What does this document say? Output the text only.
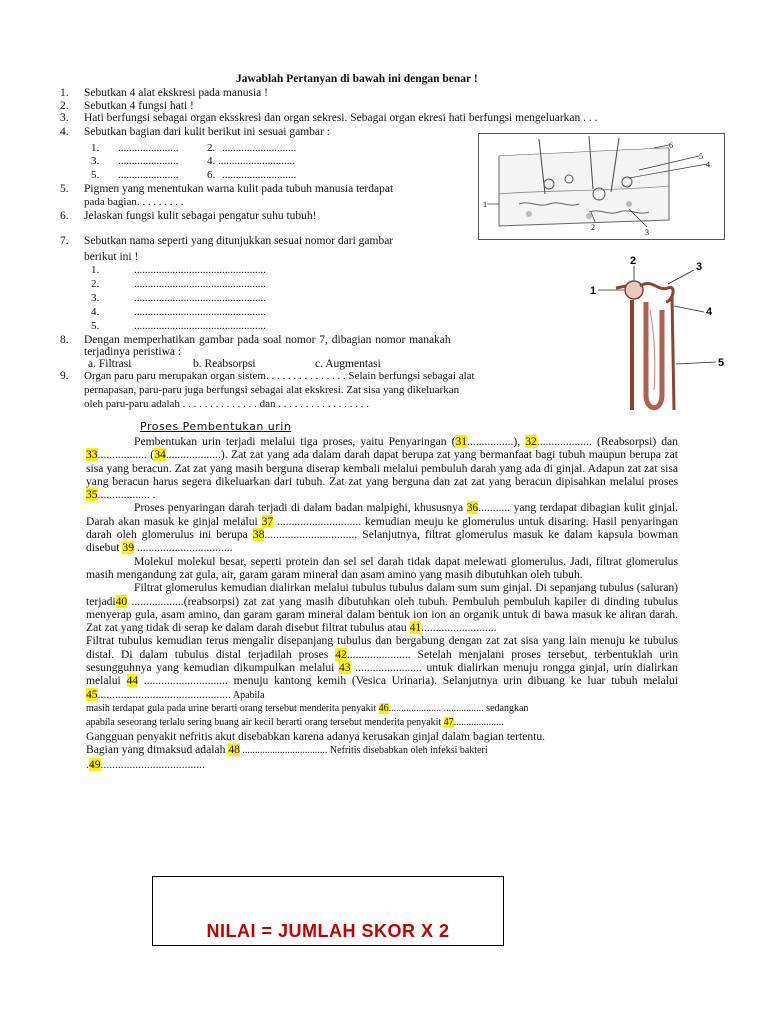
Jawablah Pertanyan di bawah ini dengan benar !
1. Sebutkan 4 alat ekskresi pada manusia !
2. Sebutkan 4 fungsi hati !
3. Hati berfungsi sebagai organ eksskresi dan organ sekresi. Sebagai organ ekresi hati berfungsi mengeluarkan . . .
4. Sebutkan bagian dari kulit berikut ini sesuai gambar :
1. ......................	2. ...........................
3. ......................	4. ............................
5. ......................	6. ...........................
6
5
4
1
2
3
5. Pigmen yang menentukan warna kulit pada tubuh manusia terdapat
pada bagian. . . . . . . . .
6. Jelaskan fungsi kulit sebagai pengatur suhu tubuh!
7. Sebutkan nama seperti yang ditunjukkan sesuai nomor dari gambar
berikut ini !
1.	................................................
2.	................................................
3.	................................................
4.	................................................
5.	................................................
2	3
1
4
5
8. Dengan memperhatikan gambar pada soal nomor 7, dibagian nomor manakah
terjadinya peristiwa :
a. Filtrasi	b. Reabsorpsi	c. Augmentasi
9. Organ paru paru merupakan organ sistem. . . . . . . . . . . . . . . Selain berfungsi sebagai alat
pernapasan, paru-paru juga berfungsi sebagai alat ekskresi. Zat sisa yang dikeluarkan
oleh paru-paru adalah . . . . . . . . . . . . . . dan . . . . . . . . . . . . . . . . .
Proses Pembentukan urin

Pembentukan urin terjadi melalui tiga proses, yaitu Penyaringan (31................), 32................... (Reabsorpsi) dan 33................. (34...................). Zat zat yang ada dalam darah dapat berupa zat yang bermanfaat bagi tubuh maupun berupa zat sisa yang beracun. Zat zat yang masih berguna diserap kembali melalui pembuluh darah yang ada di ginjal. Adapun zat zat sisa yang beracun harus segera dikeluarkan dari tubuh. Zat zat yang berguna dan zat zat yang beracun dipisahkan melalui proses 35.................. .

Proses penyaringan darah terjadi di dalam badan malpighi, khususnya 36........... yang terdapat dibagian kulit ginjal. Darah akan masuk ke ginjal melalui 37 ............................. kemudian meuju ke glomerulus untuk disaring. Hasil penyaringan darah oleh glomerulus ini berupa 38................................ Selanjutnya, filtrat glomerulus masuk ke dalam kapsula bowman disebut 39 .................................

Molekul molekul besar, seperti protein dan sel sel darah tidak dapat melewati glomerulus. Jadi, filtrat glomerulus masih mengandung zat gula, air, garam garam mineral dan asam amino yang masih dibutuhkan oleh tubuh.

Filtrat glomerulus kemudian dialirkan melalui tubulus tubulus dalam sum sum ginjal. Di sepanjang tubulus (saluran) terjadi40 ..................(reabsorpsi) zat zat yang masih dibutuhkan oleh tubuh. Pembuluh pembuluh kapiler di dinding tubulus menyerap gula, asam amino, dan garam garam mineral dalam bentuk ion ion an organik untuk di bawa masuk ke aliran darah. Zat zat yang tidak di serap ke dalam darah disebut filtrat tubulus atau 41..........................

Filtrat tubulus kemudian terus mengalir disepanjang tubulus dan bergabung dengan zat zat sisa yang lain menuju ke tubulus distal. Di dalam tubulus distal terjadilah proses 42...................... Setelah menjalani proses tersebut, terbentuklah urin sesungguhnya yang kemudian dikumpulkan melalui 43 ....................... untuk dialirkan menuju rongga ginjal, urin dialirkan melalui 44 ............................. menuju kantong kemih (Vesica Urinaria). Selanjutnya urin dibuang ke luar tubuh melalui 45.............................................. Apabila

masih terdapat gula pada urine berarti orang tersebut menderita penyakit 46..................... ................ sedangkan

apabila seseorang terlalu sering buang air kecil berarti orang tersebut menderita penyakit 47....................

Gangguan penyakit nefritis akut disebabkan karena adanya kerusakan ginjal dalam bagian tertentu.

Bagian yang dimaksud adalah 48 .................................. Nefritis disebabkan oleh infeksi bakteri

.49....................................

NILAI = JUMLAH SKOR X 2
